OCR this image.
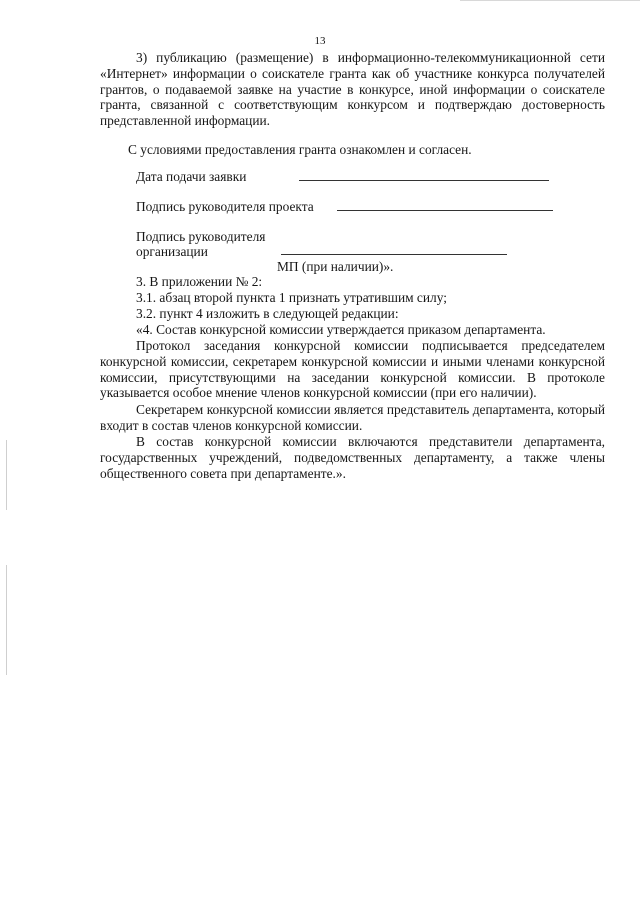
13
3) публикацию (размещение) в информационно-телекоммуникационной сети «Интернет» информации о соискателе гранта как об участнике конкурса получателей грантов, о подаваемой заявке на участие в конкурсе, иной информации о соискателе гранта, связанной с соответствующим конкурсом и подтверждаю достоверность представленной информации.
С условиями предоставления гранта ознакомлен и согласен.
Дата подачи заявки
Подпись руководителя проекта
Подпись руководителя
организации
МП (при наличии)».
3. В приложении № 2:
3.1. абзац второй пункта 1 признать утратившим силу;
3.2. пункт 4 изложить в следующей редакции:
«4. Состав конкурсной комиссии утверждается приказом департамента.
Протокол заседания конкурсной комиссии подписывается председателем конкурсной комиссии, секретарем конкурсной комиссии и иными членами конкурсной комиссии, присутствующими на заседании конкурсной комиссии. В протоколе указывается особое мнение членов конкурсной комиссии (при его наличии).
Секретарем конкурсной комиссии является представитель департамента, который входит в состав членов конкурсной комиссии.
В состав конкурсной комиссии включаются представители департамента, государственных учреждений, подведомственных департаменту, а также члены общественного совета при департаменте.».
